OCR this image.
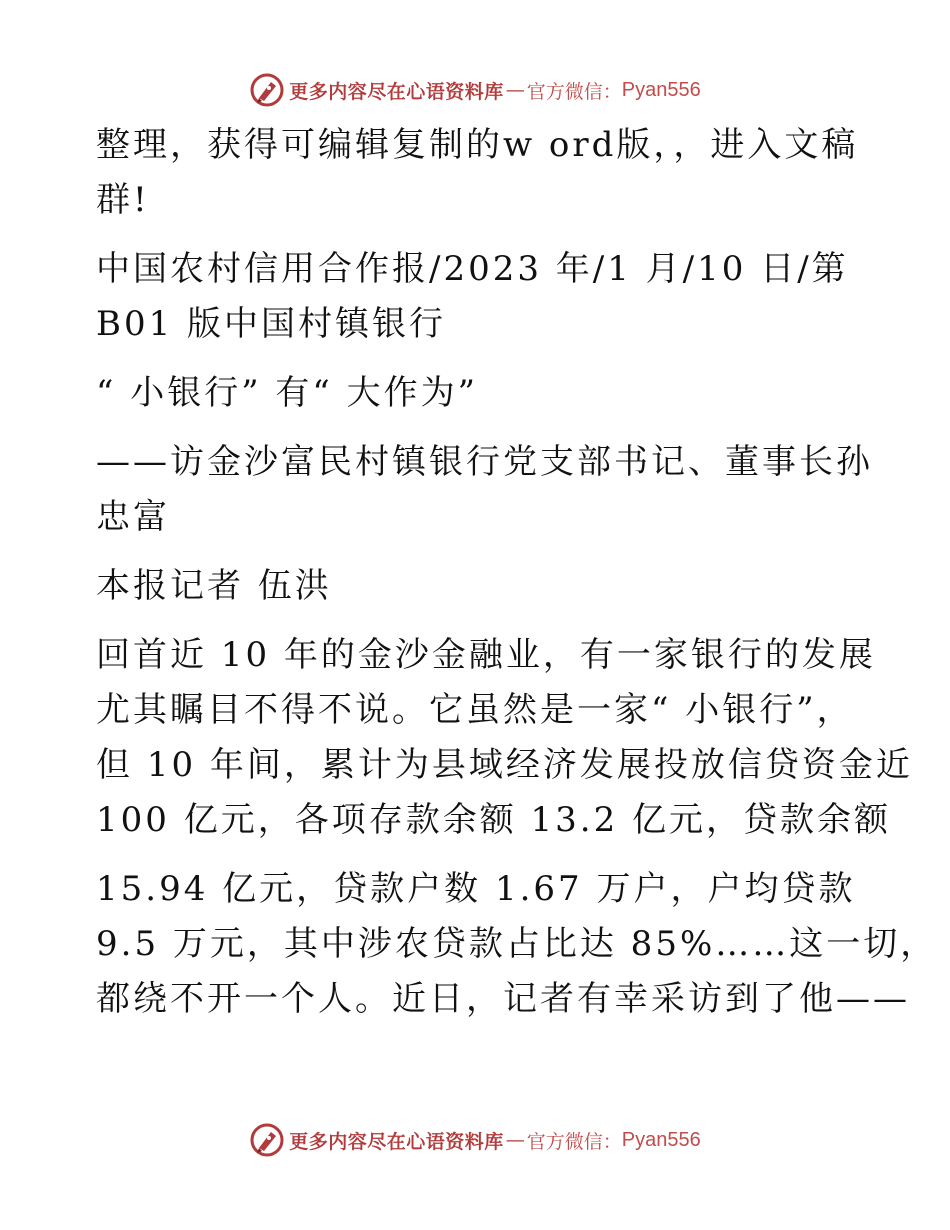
更多内容尽在心语资料库 — 官方微信： Pyan556

整理，获得可编辑复制的w ord版，，进入文稿
群!

中国农村信用合作报/2023 年/1 月/10 日/第
B01 版中国村镇银行

“ 小银行” 有“ 大作为”

——访金沙富民村镇银行党支部书记、董事长孙
忠富

本报记者 伍洪

回首近 10 年的金沙金融业，有一家银行的发展
尤其瞩目不得不说。它虽然是一家“ 小银行”，
但 10 年间，累计为县域经济发展投放信贷资金近
100 亿元，各项存款余额 13.2 亿元，贷款余额

15.94 亿元，贷款户数 1.67 万户，户均贷款
9.5 万元，其中涉农贷款占比达 85%……这一切，
都绕不开一个人。近日，记者有幸采访到了他——

更多内容尽在心语资料库 — 官方微信： Pyan556
